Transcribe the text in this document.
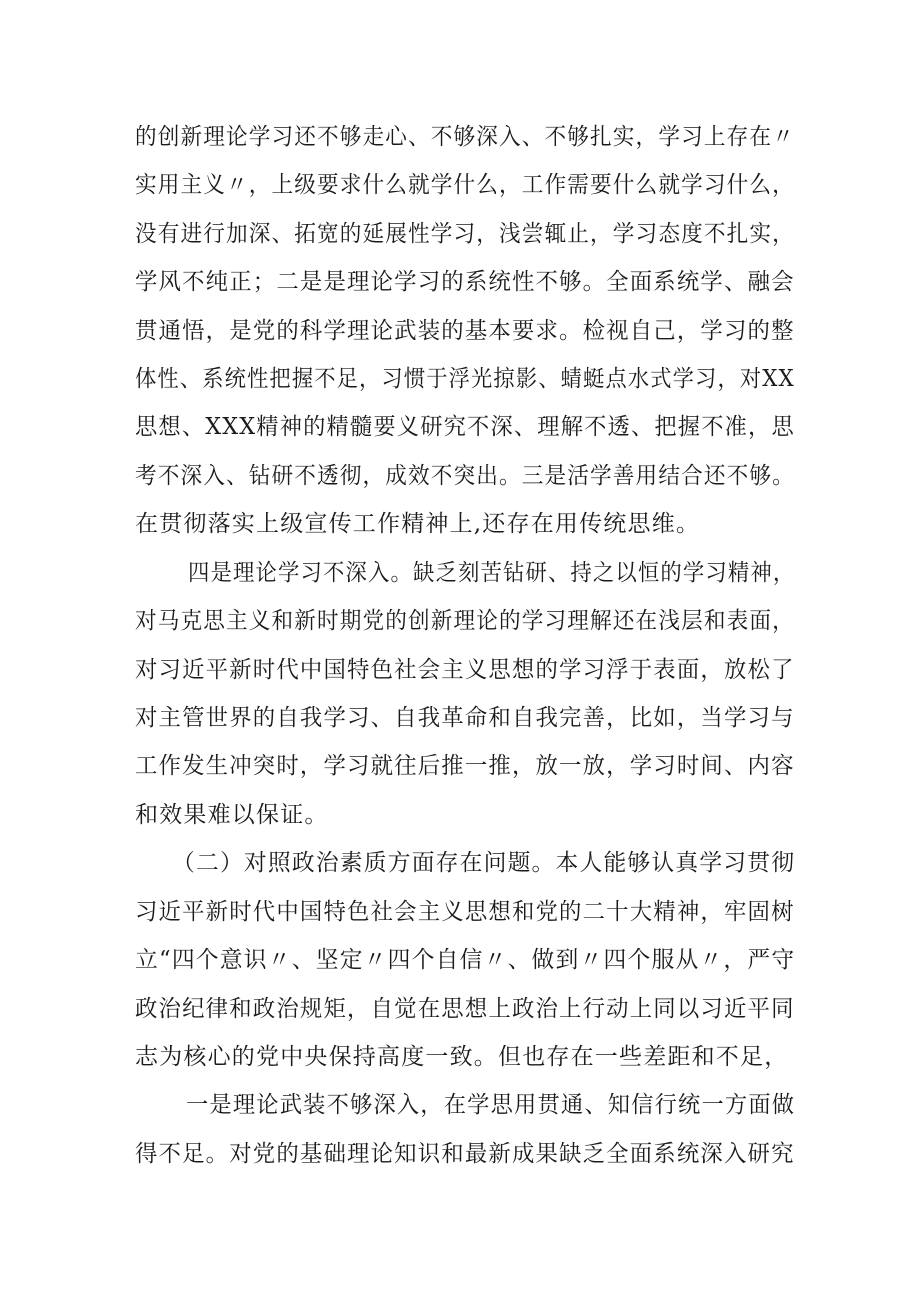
的创新理论学习还不够走心、不够深入、不够扎实，学习上存在〃
实用主义〃，上级要求什么就学什么，工作需要什么就学习什么，
没有进行加深、拓宽的延展性学习，浅尝辄止，学习态度不扎实，
学风不纯正；二是是理论学习的系统性不够。全面系统学、融会
贯通悟，是党的科学理论武装的基本要求。检视自己，学习的整
体性、系统性把握不足，习惯于浮光掠影、蜻蜓点水式学习，对XX
思想、XXX精神的精髓要义研究不深、理解不透、把握不准，思
考不深入、钻研不透彻，成效不突出。三是活学善用结合还不够。
在贯彻落实上级宣传工作精神上,还存在用传统思维。
四是理论学习不深入。缺乏刻苦钻研、持之以恒的学习精神，
对马克思主义和新时期党的创新理论的学习理解还在浅层和表面，
对习近平新时代中国特色社会主义思想的学习浮于表面，放松了
对主管世界的自我学习、自我革命和自我完善，比如，当学习与
工作发生冲突时，学习就往后推一推，放一放，学习时间、内容
和效果难以保证。
（二）对照政治素质方面存在问题。本人能够认真学习贯彻
习近平新时代中国特色社会主义思想和党的二十大精神，牢固树
立“四个意识〃、坚定〃四个自信〃、做到〃四个服从〃，严守
政治纪律和政治规矩，自觉在思想上政治上行动上同以习近平同
志为核心的党中央保持高度一致。但也存在一些差距和不足，
一是理论武装不够深入，在学思用贯通、知信行统一方面做
得不足。对党的基础理论知识和最新成果缺乏全面系统深入研究
